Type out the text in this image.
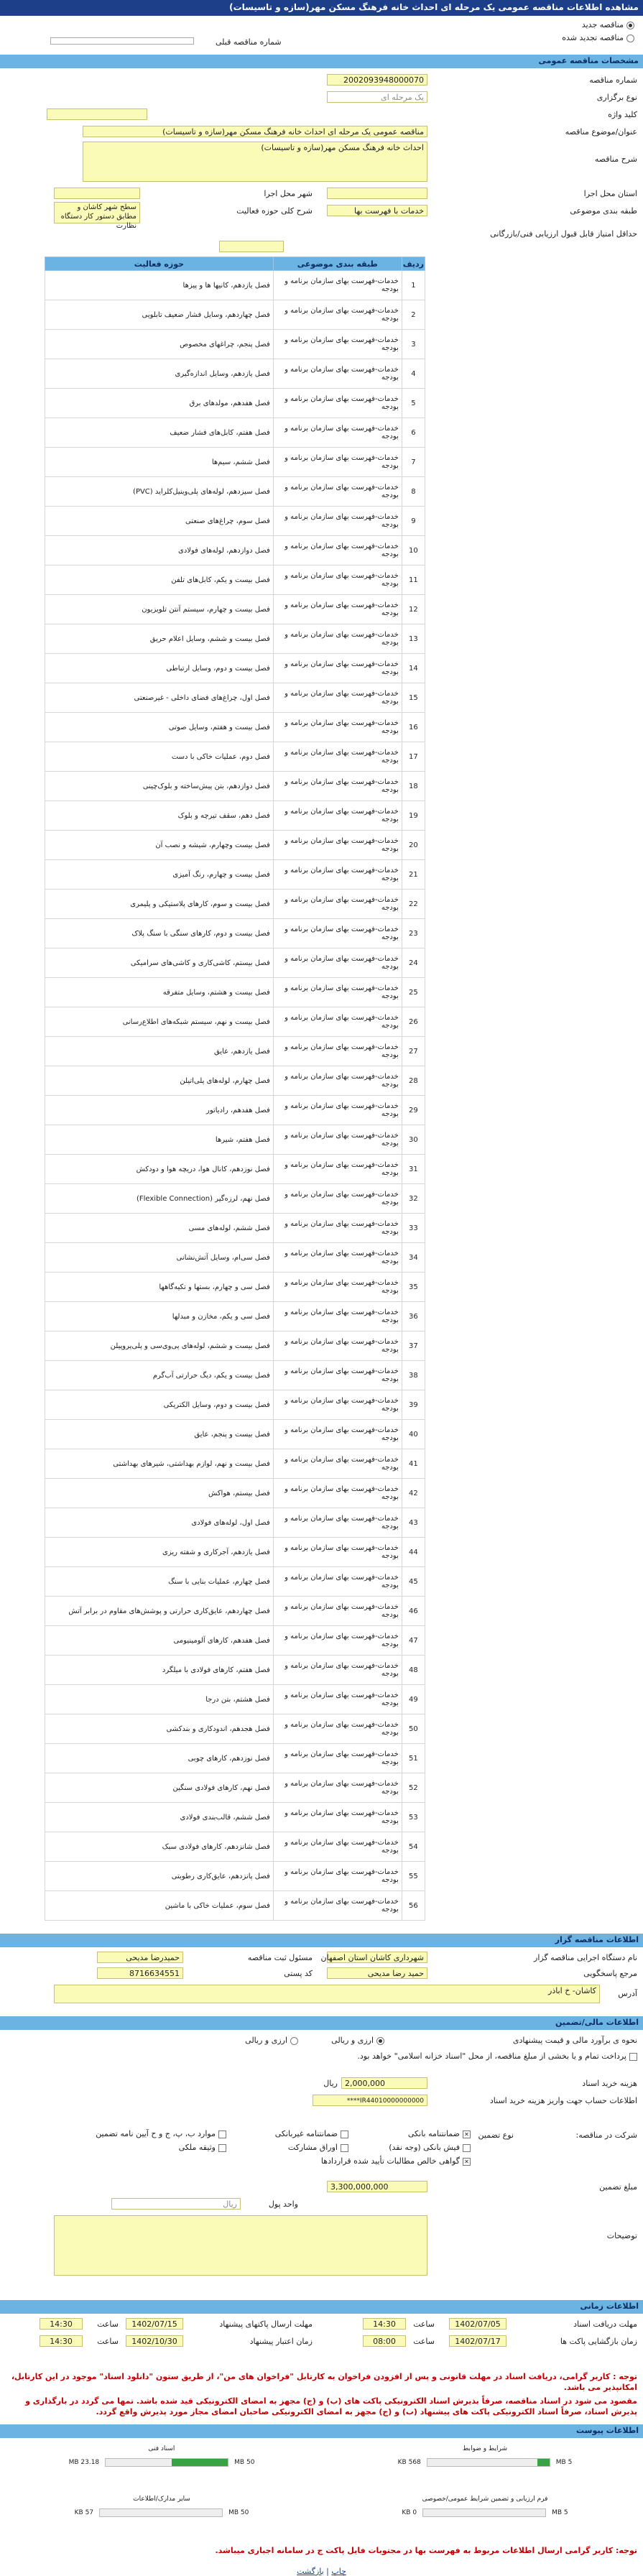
مشاهده اطلاعات مناقصه عمومی یک مرحله ای احداث خانه فرهنگ مسکن مهر(سازه و تاسیسات)
مناقصه جدید
مناقصه تجدید شده
شماره مناقصه قبلی
مشخصات مناقصه عمومی
شماره مناقصه
2002093948000070
نوع برگزاری
یک مرحله ای
کلید واژه
عنوان/موضوع مناقصه
مناقصه عمومی یک مرحله ای احداث خانه فرهنگ مسکن مهر(سازه و تاسیسات)
شرح مناقصه
احداث خانه فرهنگ مسکن مهر(سازه و تاسیسات)
استان محل اجرا
شهر محل اجرا
طبقه بندی موضوعی
خدمات با فهرست بها
شرح کلی حوزه فعالیت
سطح شهر کاشان و مطابق دستور کار دستگاه نظارت
حداقل امتیاز قابل قبول ارزیابی فنی/بازرگانی
ردیف	طبقه بندی موضوعی	حوزه فعالیت
1	خدمات-فهرست بهای سازمان برنامه و بودجه	فصل یازدهم، کانیها ها و پیزها
2	خدمات-فهرست بهای سازمان برنامه و بودجه	فصل چهاردهم، وسایل فشار ضعیف تابلویی
3	خدمات-فهرست بهای سازمان برنامه و بودجه	فصل پنجم، چراغهای مخصوص
4	خدمات-فهرست بهای سازمان برنامه و بودجه	فصل یازدهم، وسایل اندازه‌گیری
5	خدمات-فهرست بهای سازمان برنامه و بودجه	فصل هفدهم، مولدهای برق
6	خدمات-فهرست بهای سازمان برنامه و بودجه	فصل هفتم، کابل‌های فشار ضعیف
7	خدمات-فهرست بهای سازمان برنامه و بودجه	فصل ششم، سیم‌ها
8	خدمات-فهرست بهای سازمان برنامه و بودجه	فصل سیزدهم، لوله‌های پلی‌وینیل‌کلراید (PVC)
9	خدمات-فهرست بهای سازمان برنامه و بودجه	فصل سوم، چراغ‌های صنعتی
10	خدمات-فهرست بهای سازمان برنامه و بودجه	فصل دوازدهم، لوله‌های فولادی
11	خدمات-فهرست بهای سازمان برنامه و بودجه	فصل بیست و یکم، کابل‌های تلفن
12	خدمات-فهرست بهای سازمان برنامه و بودجه	فصل بیست و چهارم، سیستم آنتن تلویزیون
13	خدمات-فهرست بهای سازمان برنامه و بودجه	فصل بیست و ششم، وسایل اعلام حریق
14	خدمات-فهرست بهای سازمان برنامه و بودجه	فصل بیست و دوم، وسایل ارتباطی
15	خدمات-فهرست بهای سازمان برنامه و بودجه	فصل اول، چراغ‌های فضای داخلی - غیرصنعتی
16	خدمات-فهرست بهای سازمان برنامه و بودجه	فصل بیست و هفتم، وسایل صوتی
17	خدمات-فهرست بهای سازمان برنامه و بودجه	فصل دوم، عملیات خاکی با دست
18	خدمات-فهرست بهای سازمان برنامه و بودجه	فصل دوازدهم، بتن پیش‌ساخته و بلوک‌چینی
19	خدمات-فهرست بهای سازمان برنامه و بودجه	فصل دهم، سقف تیرچه و بلوک
20	خدمات-فهرست بهای سازمان برنامه و بودجه	فصل بیست وچهارم، شیشه و نصب آن
21	خدمات-فهرست بهای سازمان برنامه و بودجه	فصل بیست و چهارم، رنگ آمیزی
22	خدمات-فهرست بهای سازمان برنامه و بودجه	فصل بیست و سوم، کارهای پلاستیکی و پلیمری
23	خدمات-فهرست بهای سازمان برنامه و بودجه	فصل بیست و دوم، کارهای سنگی با سنگ پلاک
24	خدمات-فهرست بهای سازمان برنامه و بودجه	فصل بیستم، کاشی‌کاری و کاشی‌های سرامیکی
25	خدمات-فهرست بهای سازمان برنامه و بودجه	فصل بیست و هشتم، وسایل متفرقه
26	خدمات-فهرست بهای سازمان برنامه و بودجه	فصل بیست و نهم، سیستم شبکه‌های اطلاع‌رسانی
27	خدمات-فهرست بهای سازمان برنامه و بودجه	فصل یازدهم، عایق
28	خدمات-فهرست بهای سازمان برنامه و بودجه	فصل چهارم، لوله‌های پلی‌اتیلن
29	خدمات-فهرست بهای سازمان برنامه و بودجه	فصل هفدهم، رادیاتور
30	خدمات-فهرست بهای سازمان برنامه و بودجه	فصل هفتم، شیرها
31	خدمات-فهرست بهای سازمان برنامه و بودجه	فصل نوزدهم، کانال هوا، دریچه هوا و دودکش
32	خدمات-فهرست بهای سازمان برنامه و بودجه	فصل نهم، لرزه‌گیر (Flexible Connection)
33	خدمات-فهرست بهای سازمان برنامه و بودجه	فصل ششم، لوله‌های مسی
34	خدمات-فهرست بهای سازمان برنامه و بودجه	فصل سی‌ام، وسایل آتش‌نشانی
35	خدمات-فهرست بهای سازمان برنامه و بودجه	فصل سی و چهارم، بستها و تکیه‌گاهها
36	خدمات-فهرست بهای سازمان برنامه و بودجه	فصل سی و یکم، مخازن و مبدلها
37	خدمات-فهرست بهای سازمان برنامه و بودجه	فصل بیست و ششم، لوله‌های پی‌وی‌سی و پلی‌پروپیلن
38	خدمات-فهرست بهای سازمان برنامه و بودجه	فصل بیست و یکم، دیگ حرارتی آب‌گرم
39	خدمات-فهرست بهای سازمان برنامه و بودجه	فصل بیست و دوم، وسایل الکتریکی
40	خدمات-فهرست بهای سازمان برنامه و بودجه	فصل بیست و پنجم، عایق
41	خدمات-فهرست بهای سازمان برنامه و بودجه	فصل بیست و نهم، لوازم بهداشتی، شیرهای بهداشتی
42	خدمات-فهرست بهای سازمان برنامه و بودجه	فصل بیستم، هواکش
43	خدمات-فهرست بهای سازمان برنامه و بودجه	فصل اول، لوله‌های فولادی
44	خدمات-فهرست بهای سازمان برنامه و بودجه	فصل یازدهم، آجرکاری و شفته ریزی
45	خدمات-فهرست بهای سازمان برنامه و بودجه	فصل چهارم، عملیات بنایی با سنگ
46	خدمات-فهرست بهای سازمان برنامه و بودجه	فصل چهاردهم، عایق‌کاری حرارتی و پوشش‌های مقاوم در برابر آتش
47	خدمات-فهرست بهای سازمان برنامه و بودجه	فصل هفدهم، کارهای آلومینیومی
48	خدمات-فهرست بهای سازمان برنامه و بودجه	فصل هفتم، کارهای فولادی با میلگرد
49	خدمات-فهرست بهای سازمان برنامه و بودجه	فصل هشتم، بتن درجا
50	خدمات-فهرست بهای سازمان برنامه و بودجه	فصل هجدهم، اندودکاری و بندکشی
51	خدمات-فهرست بهای سازمان برنامه و بودجه	فصل نوزدهم، کارهای چوبی
52	خدمات-فهرست بهای سازمان برنامه و بودجه	فصل نهم، کارهای فولادی سنگین
53	خدمات-فهرست بهای سازمان برنامه و بودجه	فصل ششم، قالب‌بندی فولادی
54	خدمات-فهرست بهای سازمان برنامه و بودجه	فصل شانزدهم، کارهای فولادی سبک
55	خدمات-فهرست بهای سازمان برنامه و بودجه	فصل پانزدهم، عایق‌کاری رطوبتی
56	خدمات-فهرست بهای سازمان برنامه و بودجه	فصل سوم، عملیات خاکی با ماشین
اطلاعات مناقصه گزار
نام دستگاه اجرایی مناقصه گزار
شهرداری کاشان استان اصفهان
مسئول ثبت مناقصه
حمیدرضا مدیحی
مرجع پاسخگویی
حمید رضا مدیحی
کد پستی
8716634551
آدرس
کاشان- خ اباذر
اطلاعات مالی/تضمین
نحوه ی برآورد مالی و قیمت پیشنهادی
ارزی و ریالی
ارزی و ریالی
پرداخت تمام و یا بخشی از مبلغ مناقصه، از محل "اسناد خزانه اسلامی" خواهد بود.
هزینه خرید اسناد
2,000,000
ریال
اطلاعات حساب جهت واریز هزینه خرید اسناد
IR44010000000000****
شرکت در مناقصه:
نوع تضمین
✕ضمانتنامه بانکی
ضمانتنامه غیربانکی
موارد ب، پ، ج و ح آیین نامه تضمین
فیش بانکی (وجه نقد)
اوراق مشارکت
وثیقه ملکی
✕گواهی خالص مطالبات تأیید شده قراردادها
مبلغ تضمین
3,300,000,000
واحد پول
ریال
توضیحات
اطلاعات زمانی
مهلت دریافت اسناد
1402/07/05
ساعت
14:30
مهلت ارسال پاکتهای پیشنهاد
1402/07/15
ساعت
14:30
زمان بازگشایی پاکت ها
1402/07/17
ساعت
08:00
زمان اعتبار پیشنهاد
1402/10/30
ساعت
14:30
توجه : کاربر گرامی، دریافت اسناد در مهلت قانونی و پس از افزودن فراخوان به کارتابل "فراخوان های من"، از طریق ستون "دانلود اسناد" موجود در این کارتابل، امکانپذیر می باشد.
مقصود می شود در اسناد مناقصه، صرفاً بذیرش اسناد الکترونیکی پاکت های (ب) و (ج) مجهز به امضای الکترونیکی قید شده باشد. تمها می گردد در بارگذاری و پذیرش اسناد، صرفاً اسناد الکترونیکی پاکت های پیشنهاد (ب) و (ج) مجهز به امضای الکترونیکی صاحبان امضای مجاز مورد پذیرش واقع گردد.
اطلاعات پیوست
شرایط و ضوابط
5 MB
568 KB
اسناد فنی
50 MB
23.18 MB
فرم ارزیابی و تضمین شرایط عمومی/خصوصی
5 MB
0 KB
سایر مدارک/اطلاعات
50 MB
57 KB
توجه: کاربر گرامی ارسال اطلاعات مربوط به فهرست بها در مجتوبات فایل پاکت ج در سامانه اجباری میباشد.
چاپ | بازگشت
